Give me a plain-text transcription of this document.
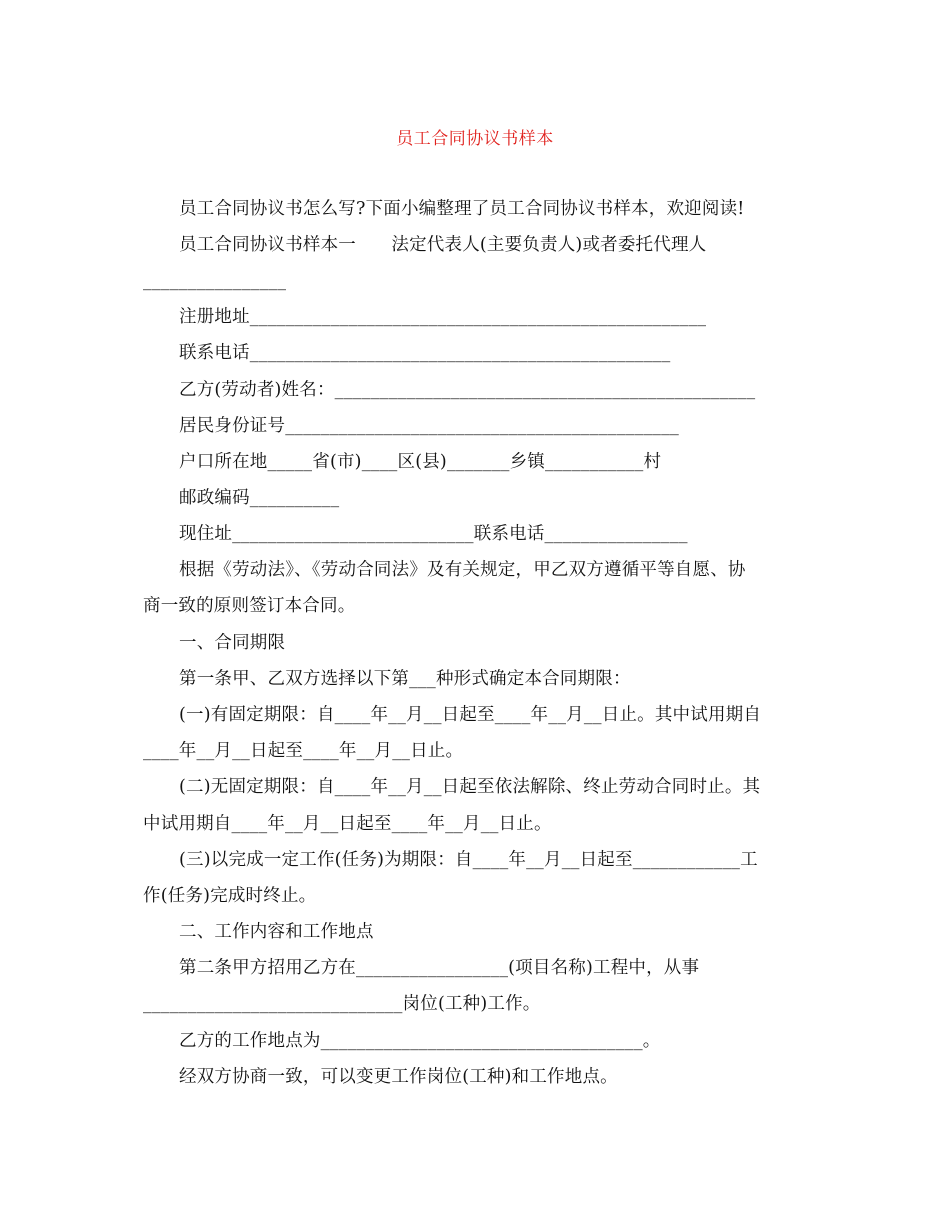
员工合同协议书样本
员工合同协议书怎么写?下面小编整理了员工合同协议书样本，欢迎阅读!
员工合同协议书样本一　　法定代表人(主要负责人)或者委托代理人
________________
注册地址___________________________________________________
联系电话_______________________________________________
乙方(劳动者)姓名：_______________________________________________
居民身份证号____________________________________________
户口所在地_____省(市)____区(县)_______乡镇___________村
邮政编码__________
现住址___________________________联系电话________________
根据《劳动法》、《劳动合同法》及有关规定，甲乙双方遵循平等自愿、协
商一致的原则签订本合同。
一、合同期限
第一条甲、乙双方选择以下第___种形式确定本合同期限：
(一)有固定期限：自____年__月__日起至____年__月__日止。其中试用期自
____年__月__日起至____年__月__日止。
(二)无固定期限：自____年__月__日起至依法解除、终止劳动合同时止。其
中试用期自____年__月__日起至____年__月__日止。
(三)以完成一定工作(任务)为期限：自____年__月__日起至____________工
作(任务)完成时终止。
二、工作内容和工作地点
第二条甲方招用乙方在_________________(项目名称)工程中，从事
_____________________________岗位(工种)工作。
乙方的工作地点为____________________________________。
经双方协商一致，可以变更工作岗位(工种)和工作地点。
